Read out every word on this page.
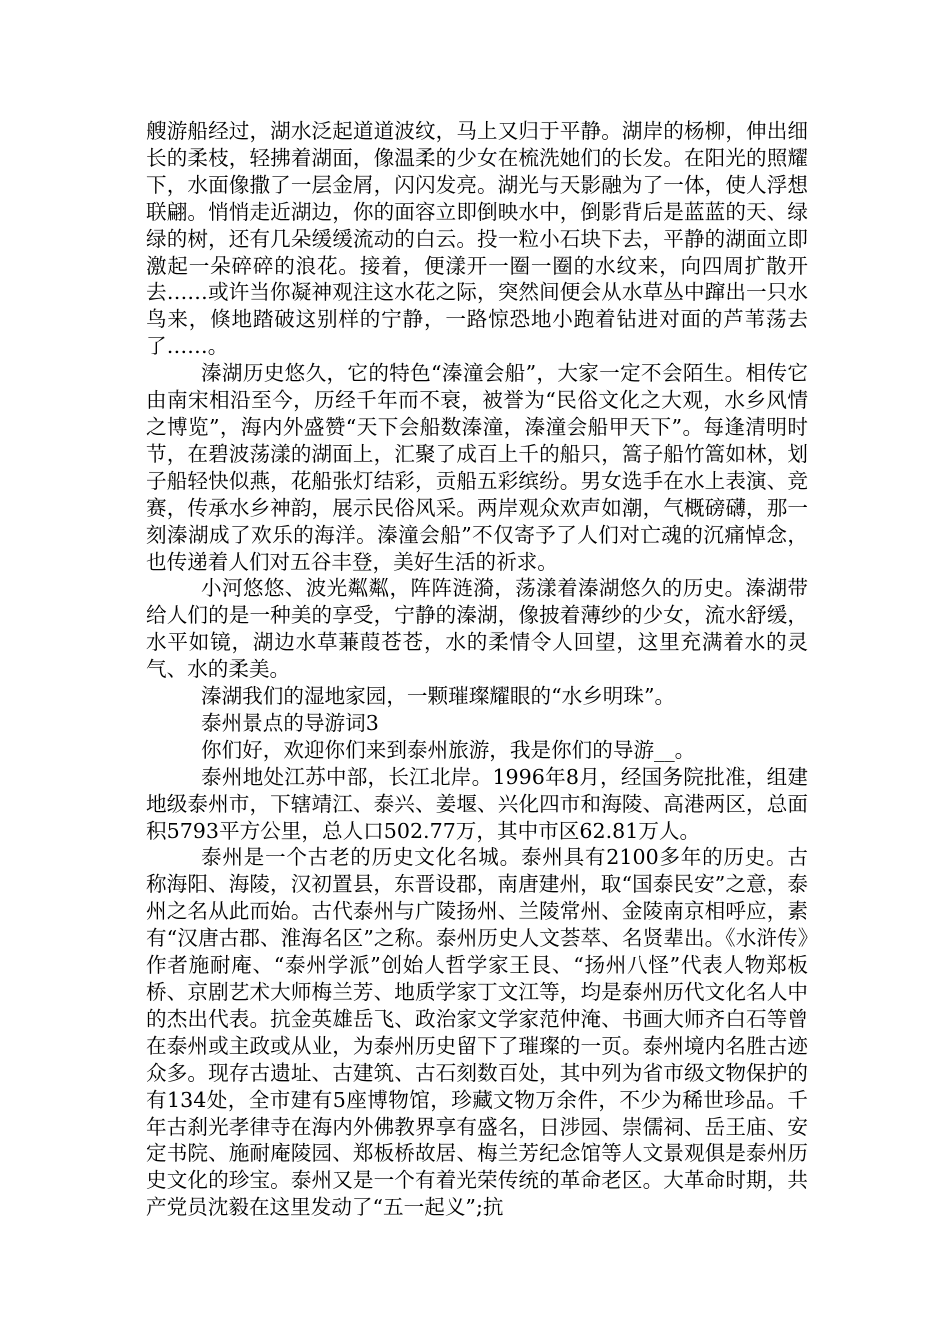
艘游船经过，湖水泛起道道波纹，马上又归于平静。湖岸的杨柳，伸出细长的柔枝，轻拂着湖面，像温柔的少女在梳洗她们的长发。在阳光的照耀下，水面像撒了一层金屑，闪闪发亮。湖光与天影融为了一体，使人浮想联翩。悄悄走近湖边，你的面容立即倒映水中，倒影背后是蓝蓝的天、绿绿的树，还有几朵缓缓流动的白云。投一粒小石块下去，平静的湖面立即激起一朵碎碎的浪花。接着，便漾开一圈一圈的水纹来，向四周扩散开去……或许当你凝神观注这水花之际，突然间便会从水草丛中蹿出一只水鸟来，倏地踏破这别样的宁静，一路惊恐地小跑着钻进对面的芦苇荡去了……。

溱湖历史悠久，它的特色“溱潼会船”，大家一定不会陌生。相传它由南宋相沿至今，历经千年而不衰，被誉为“民俗文化之大观，水乡风情之博览”，海内外盛赞“天下会船数溱潼，溱潼会船甲天下”。每逢清明时节，在碧波荡漾的湖面上，汇聚了成百上千的船只，篙子船竹篙如林，划子船轻快似燕，花船张灯结彩，贡船五彩缤纷。男女选手在水上表演、竞赛，传承水乡神韵，展示民俗风采。两岸观众欢声如潮，气概磅礴，那一刻溱湖成了欢乐的海洋。溱潼会船”不仅寄予了人们对亡魂的沉痛悼念，也传递着人们对五谷丰登，美好生活的祈求。

小河悠悠、波光粼粼，阵阵涟漪，荡漾着溱湖悠久的历史。溱湖带给人们的是一种美的享受，宁静的溱湖，像披着薄纱的少女，流水舒缓，水平如镜，湖边水草蒹葭苍苍，水的柔情令人回望，这里充满着水的灵气、水的柔美。

溱湖我们的湿地家园，一颗璀璨耀眼的“水乡明珠”。

泰州景点的导游词3

你们好，欢迎你们来到泰州旅游，我是你们的导游__。

泰州地处江苏中部，长江北岸。1996年8月，经国务院批准，组建地级泰州市，下辖靖江、泰兴、姜堰、兴化四市和海陵、高港两区，总面积5793平方公里，总人口502.77万，其中市区62.81万人。

泰州是一个古老的历史文化名城。泰州具有2100多年的历史。古称海阳、海陵，汉初置县，东晋设郡，南唐建州，取“国泰民安”之意，泰州之名从此而始。古代泰州与广陵扬州、兰陵常州、金陵南京相呼应，素有“汉唐古郡、淮海名区”之称。泰州历史人文荟萃、名贤辈出。《水浒传》作者施耐庵、“泰州学派”创始人哲学家王艮、“扬州八怪”代表人物郑板桥、京剧艺术大师梅兰芳、地质学家丁文江等，均是泰州历代文化名人中的杰出代表。抗金英雄岳飞、政治家文学家范仲淹、书画大师齐白石等曾在泰州或主政或从业，为泰州历史留下了璀璨的一页。泰州境内名胜古迹众多。现存古遗址、古建筑、古石刻数百处，其中列为省市级文物保护的有134处，全市建有5座博物馆，珍藏文物万余件，不少为稀世珍品。千年古刹光孝律寺在海内外佛教界享有盛名，日涉园、崇儒祠、岳王庙、安定书院、施耐庵陵园、郑板桥故居、梅兰芳纪念馆等人文景观俱是泰州历史文化的珍宝。泰州又是一个有着光荣传统的革命老区。大革命时期，共产党员沈毅在这里发动了“五一起义”;抗
